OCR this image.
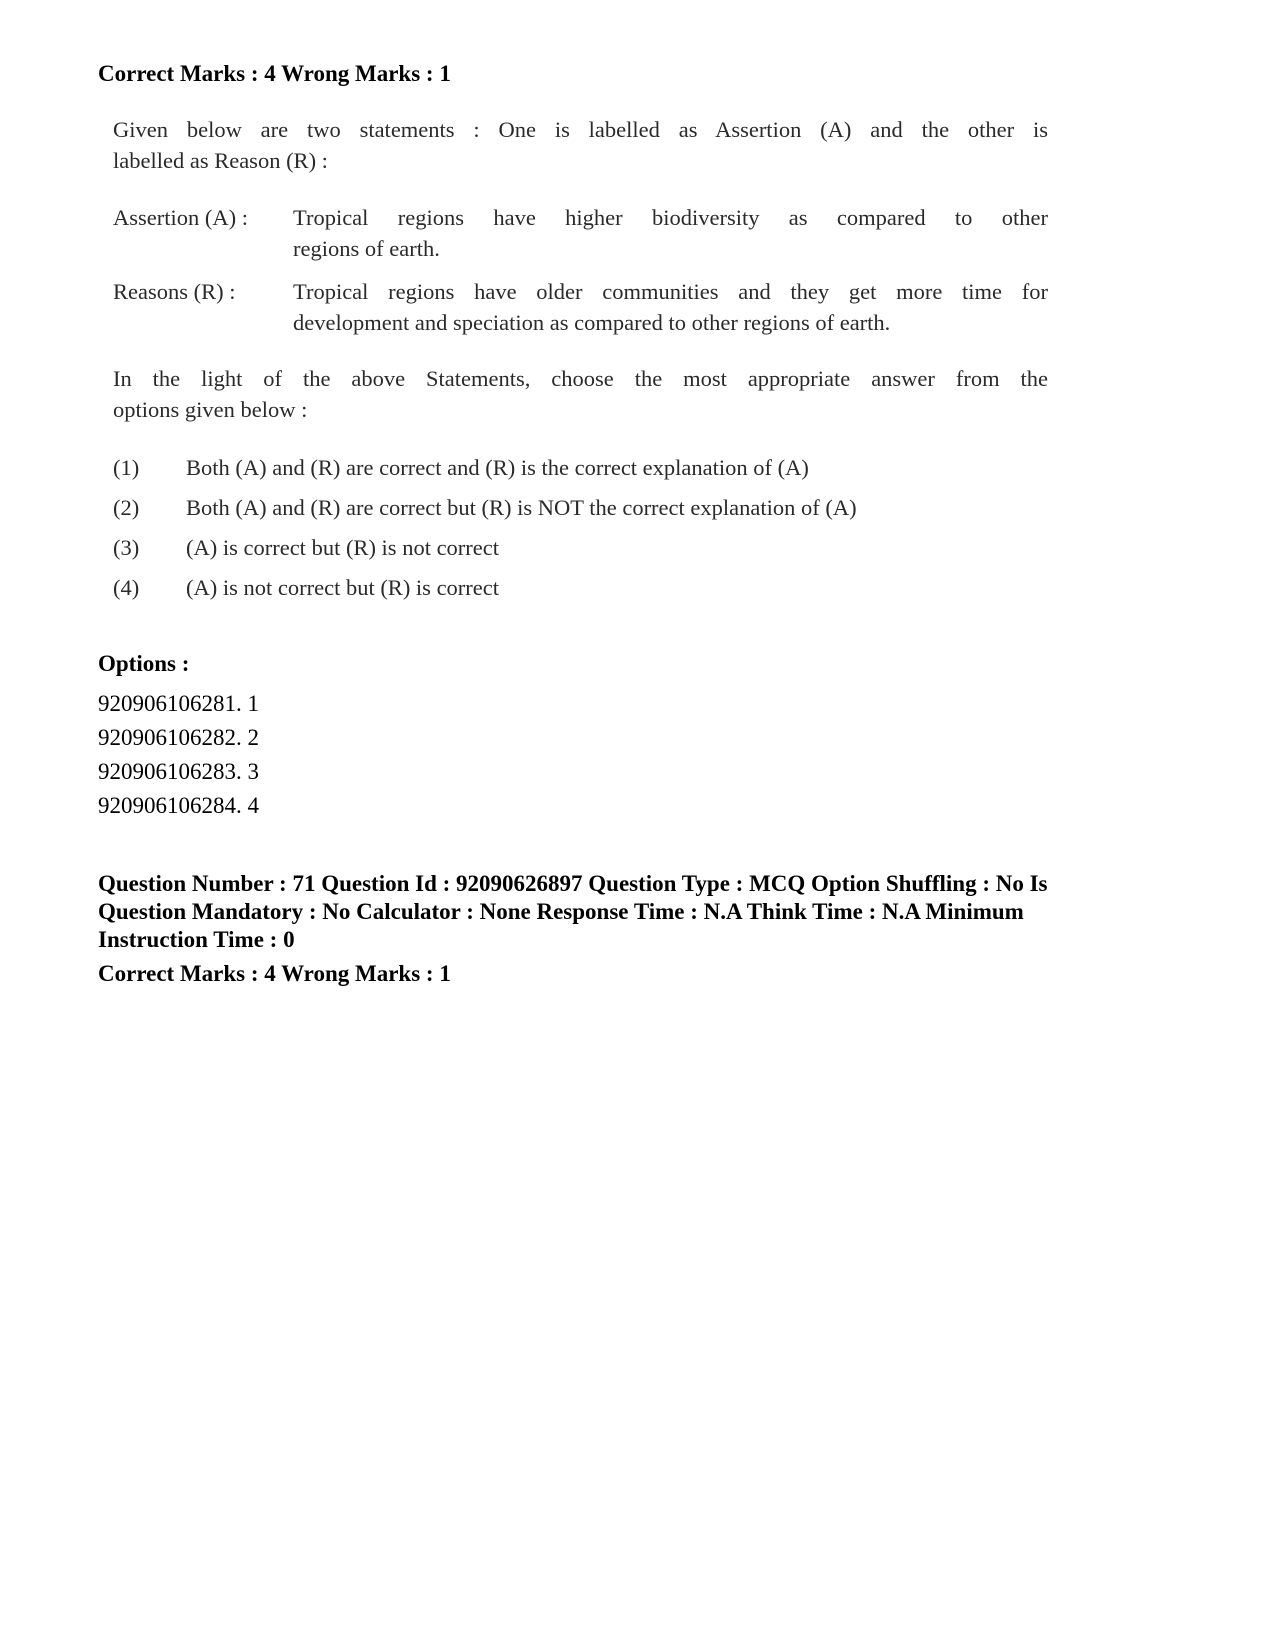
Correct Marks : 4 Wrong Marks : 1

Given below are two statements : One is labelled as Assertion (A) and the other is
labelled as Reason (R) :
Assertion (A) : Tropical regions have higher biodiversity as compared to other
regions of earth.
Reasons (R) :	Tropical regions have older communities and they get more time for
development and speciation as compared to other regions of earth.
In the light of the above Statements, choose the most appropriate answer from the
options given below :
(1) Both (A) and (R) are correct and (R) is the correct explanation of (A)
(2) Both (A) and (R) are correct but (R) is NOT the correct explanation of (A)
(3) (A) is correct but (R) is not correct
(4) (A) is not correct but (R) is correct

Options :

920906106281. 1
920906106282. 2
920906106283. 3
920906106284. 4
Question Number : 71 Question Id : 92090626897 Question Type : MCQ Option Shuffling : No Is
Question Mandatory : No Calculator : None Response Time : N.A Think Time : N.A Minimum
Instruction Time : 0
Correct Marks : 4 Wrong Marks : 1
